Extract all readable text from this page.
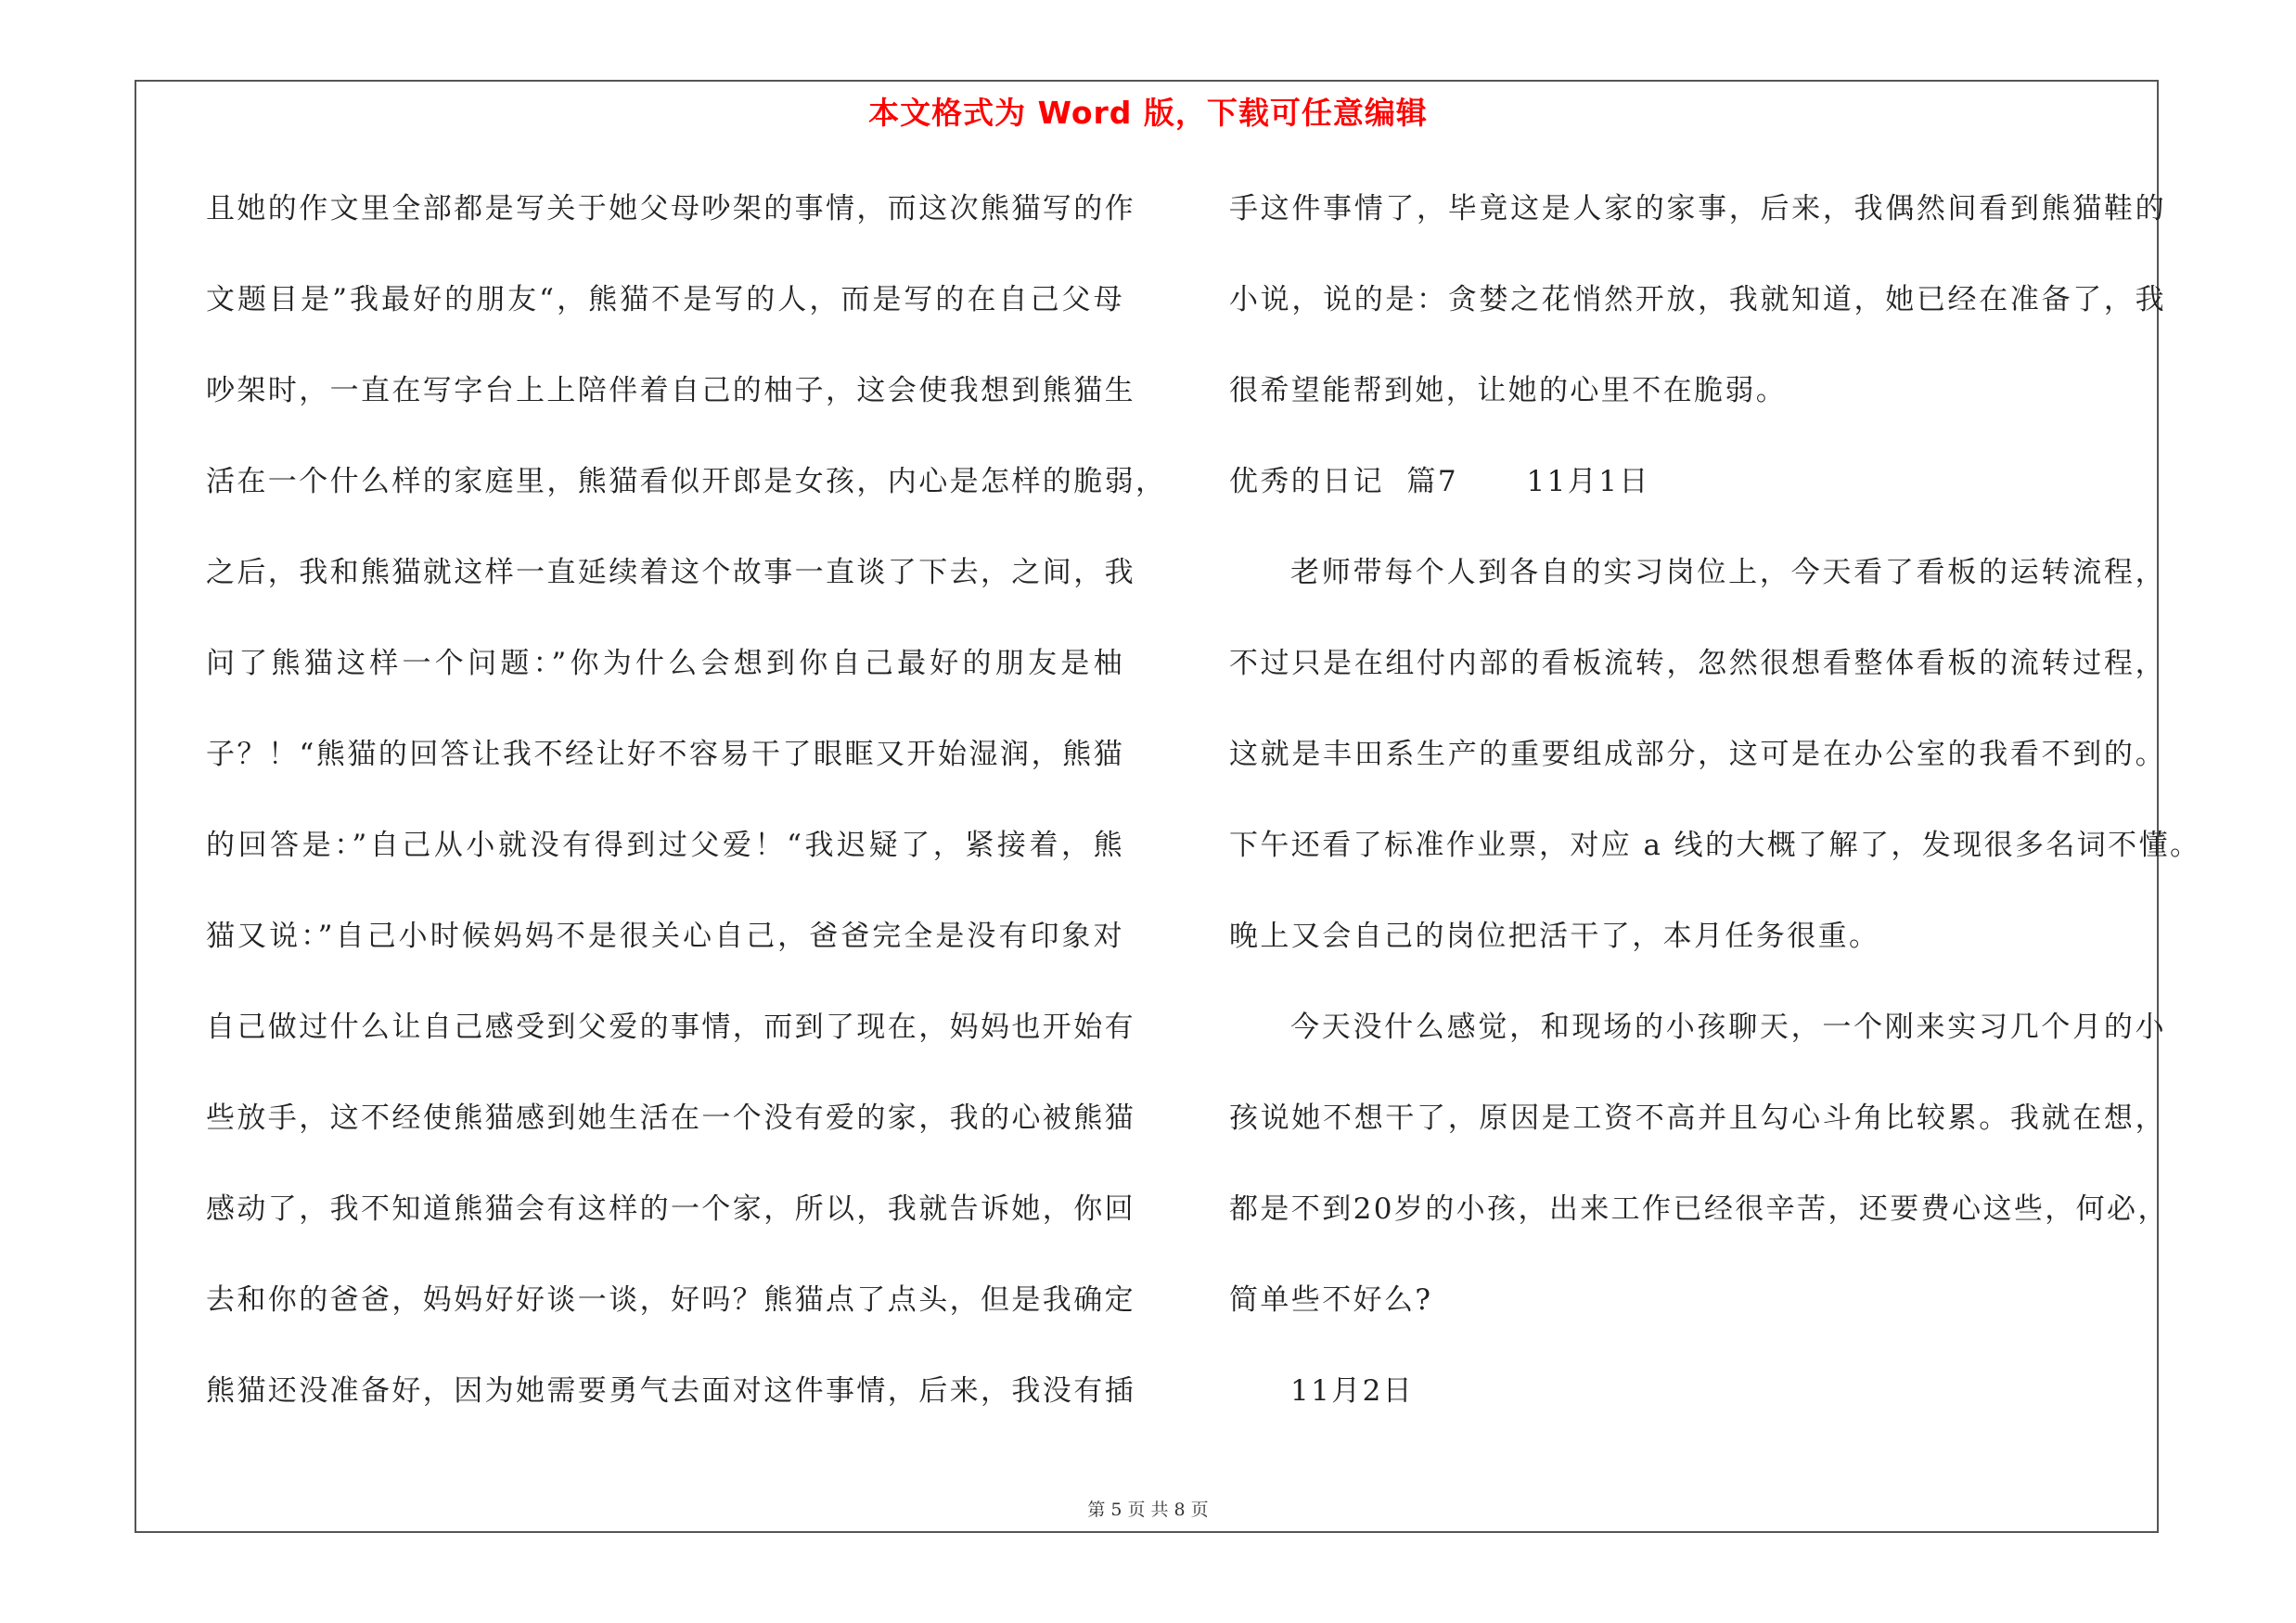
本文格式为 Word 版，下载可任意编辑
且她的作文里全部都是写关于她父母吵架的事情，而这次熊猫写的作
文题目是”我最好的朋友“，熊猫不是写的人，而是写的在自己父母
吵架时，一直在写字台上上陪伴着自己的柚子，这会使我想到熊猫生
活在一个什么样的家庭里，熊猫看似开郎是女孩，内心是怎样的脆弱，
之后，我和熊猫就这样一直延续着这个故事一直谈了下去，之间，我
问了熊猫这样一个问题：”你为什么会想到你自己最好的朋友是柚
子？！“熊猫的回答让我不经让好不容易干了眼眶又开始湿润，熊猫
的回答是：”自己从小就没有得到过父爱！“我迟疑了，紧接着，熊
猫又说：”自己小时候妈妈不是很关心自己，爸爸完全是没有印象对
自己做过什么让自己感受到父爱的事情，而到了现在，妈妈也开始有
些放手，这不经使熊猫感到她生活在一个没有爱的家，我的心被熊猫
感动了，我不知道熊猫会有这样的一个家，所以，我就告诉她，你回
去和你的爸爸，妈妈好好谈一谈，好吗？熊猫点了点头，但是我确定
熊猫还没准备好，因为她需要勇气去面对这件事情，后来，我没有插
手这件事情了，毕竟这是人家的家事，后来，我偶然间看到熊猫鞋的
小说，说的是：贪婪之花悄然开放，我就知道，她已经在准备了，我
很希望能帮到她，让她的心里不在脆弱。
优秀的日记  篇7      11月1日
老师带每个人到各自的实习岗位上，今天看了看板的运转流程，
不过只是在组付内部的看板流转，忽然很想看整体看板的流转过程，
这就是丰田系生产的重要组成部分，这可是在办公室的我看不到的。
下午还看了标准作业票，对应 a 线的大概了解了，发现很多名词不懂。
晚上又会自己的岗位把活干了，本月任务很重。
今天没什么感觉，和现场的小孩聊天，一个刚来实习几个月的小
孩说她不想干了，原因是工资不高并且勾心斗角比较累。我就在想，
都是不到20岁的小孩，出来工作已经很辛苦，还要费心这些，何必，
简单些不好么?
11月2日
第 5 页 共 8 页
